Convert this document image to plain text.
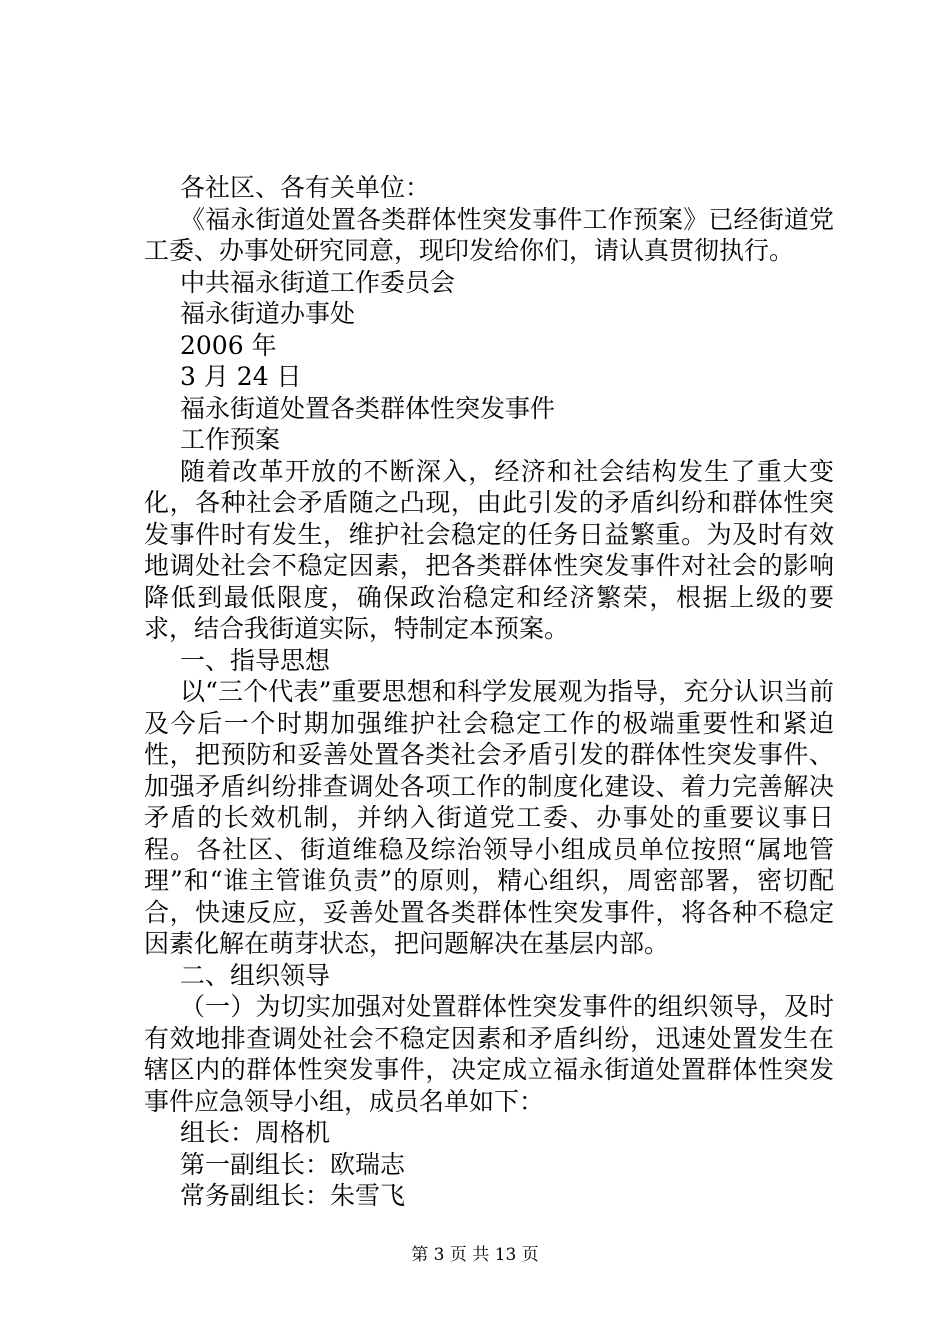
各社区、各有关单位：

《福永街道处置各类群体性突发事件工作预案》已经街道党工委、办事处研究同意，现印发给你们，请认真贯彻执行。

中共福永街道工作委员会
福永街道办事处
2006 年
3 月 24 日
福永街道处置各类群体性突发事件
工作预案

随着改革开放的不断深入，经济和社会结构发生了重大变化，各种社会矛盾随之凸现，由此引发的矛盾纠纷和群体性突发事件时有发生，维护社会稳定的任务日益繁重。为及时有效地调处社会不稳定因素，把各类群体性突发事件对社会的影响降低到最低限度，确保政治稳定和经济繁荣，根据上级的要求，结合我街道实际，特制定本预案。

一、指导思想

以“三个代表”重要思想和科学发展观为指导，充分认识当前及今后一个时期加强维护社会稳定工作的极端重要性和紧迫性，把预防和妥善处置各类社会矛盾引发的群体性突发事件、加强矛盾纠纷排查调处各项工作的制度化建设、着力完善解决矛盾的长效机制，并纳入街道党工委、办事处的重要议事日程。各社区、街道维稳及综治领导小组成员单位按照“属地管理”和“谁主管谁负责”的原则，精心组织，周密部署，密切配合，快速反应，妥善处置各类群体性突发事件，将各种不稳定因素化解在萌芽状态，把问题解决在基层内部。

二、组织领导

（一）为切实加强对处置群体性突发事件的组织领导，及时有效地排查调处社会不稳定因素和矛盾纠纷，迅速处置发生在辖区内的群体性突发事件，决定成立福永街道处置群体性突发事件应急领导小组，成员名单如下：

组长：周格机
第一副组长：欧瑞志
常务副组长：朱雪飞
第 3 页 共 13 页
